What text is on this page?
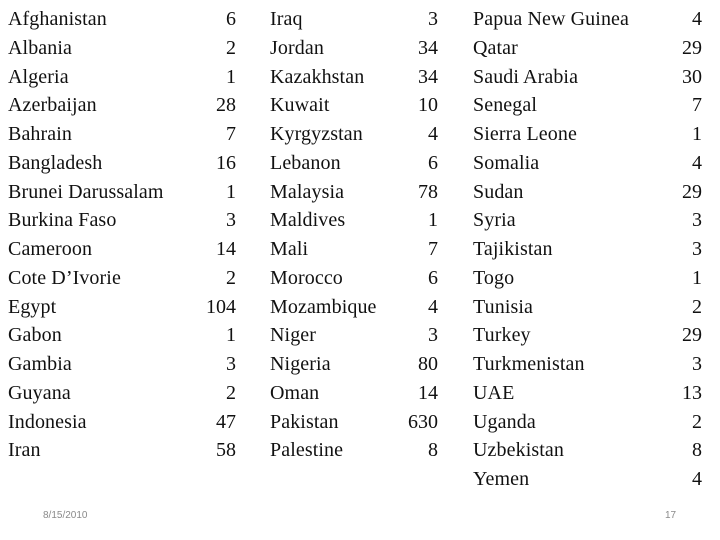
Afghanistan	6
Albania	2
Algeria	1
Azerbaijan	28
Bahrain	7
Bangladesh	16
Brunei Darussalam	1
Burkina Faso	3
Cameroon	14
Cote D’Ivorie	2
Egypt	104
Gabon	1
Gambia	3
Guyana	2
Indonesia	47
Iran	58
Iraq	3
Jordan	34
Kazakhstan	34
Kuwait	10
Kyrgyzstan	4
Lebanon	6
Malaysia	78
Maldives	1
Mali	7
Morocco	6
Mozambique	4
Niger	3
Nigeria	80
Oman	14
Pakistan	630
Palestine	8
Papua New Guinea	4
Qatar	29
Saudi Arabia	30
Senegal	7
Sierra Leone	1
Somalia	4
Sudan	29
Syria	3
Tajikistan	3
Togo	1
Tunisia	2
Turkey	29
Turkmenistan	3
UAE	13
Uganda	2
Uzbekistan	8
Yemen	4
8/15/2010	17
